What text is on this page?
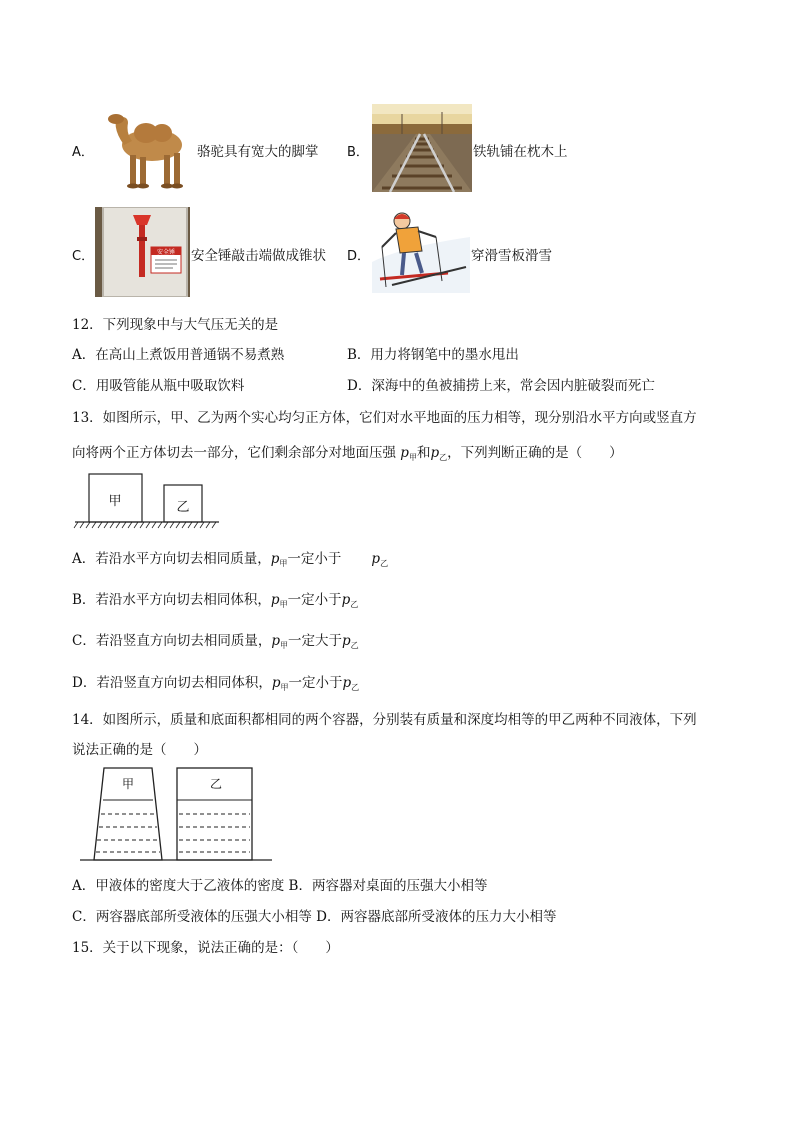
A．	骆驼具有宽大的脚掌 B．	铁轨铺在枕木上
C．	安全锤 安全锤敲击端做成锥状 D．	穿滑雪板滑雪
12．下列现象中与大气压无关的是
A．在高山上煮饭用普通锅不易煮熟	B．用力将钢笔中的墨水甩出
C．用吸管能从瓶中吸取饮料	D．深海中的鱼被捕捞上来，常会因内脏破裂而死亡
13．如图所示，甲、乙为两个实心均匀正方体，它们对水平地面的压力相等，现分别沿水平方向或竖直方
向将两个正方体切去一部分，它们剩余部分对地面压强 $p_甲$和$p_乙$，下列判断正确的是（　　）
甲	乙
A．若沿水平方向切去相同质量，$p_甲$一定小于 $p_乙$
B．若沿水平方向切去相同体积，$p_甲$一定小于$p_乙$
C．若沿竖直方向切去相同质量，$p_甲$一定大于$p_乙$
D．若沿竖直方向切去相同体积，$p_甲$一定小于$p_乙$
14．如图所示，质量和底面积都相同的两个容器，分别装有质量和深度均相等的甲乙两种不同液体，下列
说法正确的是（　　）
甲	乙
A．甲液体的密度大于乙液体的密度 B．两容器对桌面的压强大小相等
C．两容器底部所受液体的压强大小相等 D．两容器底部所受液体的压力大小相等
15．关于以下现象，说法正确的是：（　　）
